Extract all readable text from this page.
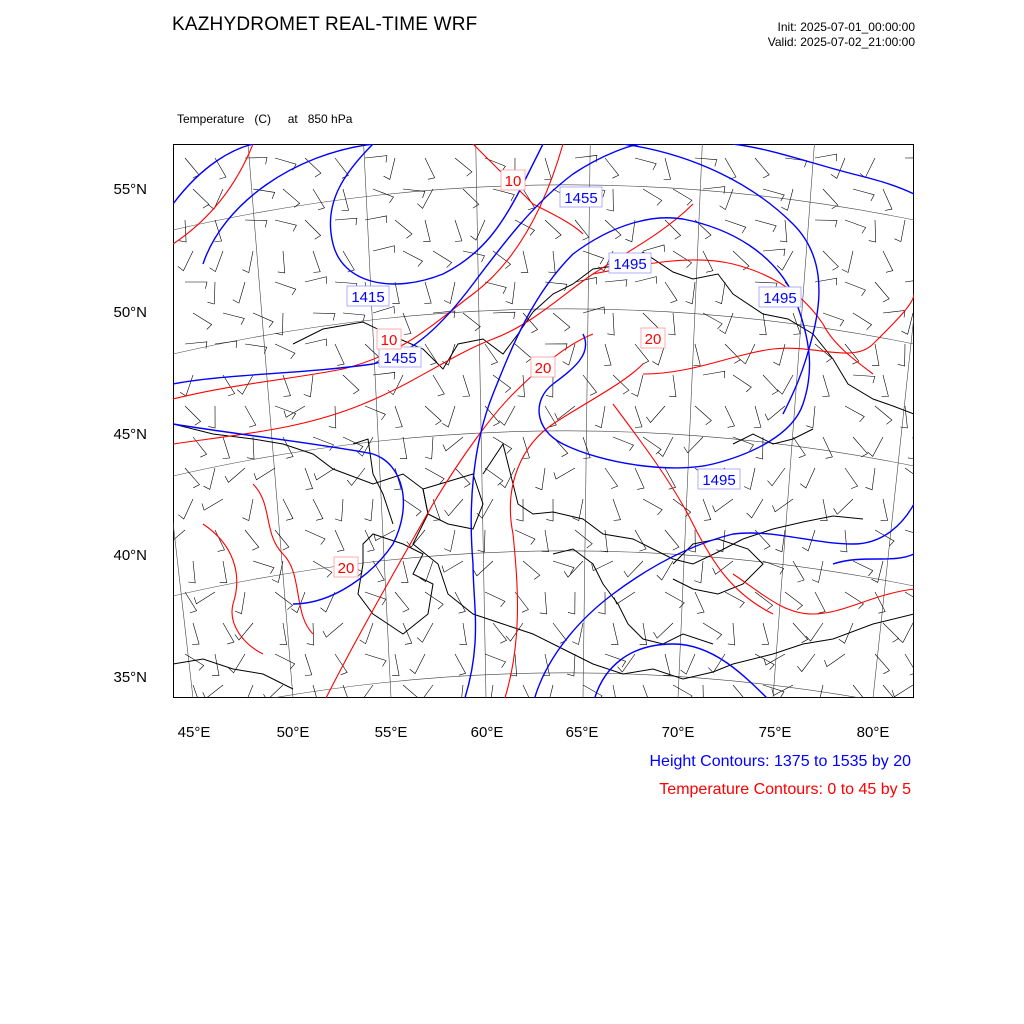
KAZHYDROMET REAL-TIME WRF	Init: 2025-07-01_00:00:00
Valid: 2025-07-02_21:00:00

Temperature   (C)     at   850 hPa

1455
1495
1495
1415
1455
1495
10
10
20
20
20
55°N
50°N
45°N
40°N
35°N
45°E	50°E	55°E	60°E	65°E	70°E	75°E	80°E
Height Contours: 1375 to 1535 by 20
Temperature Contours: 0 to 45 by 5
